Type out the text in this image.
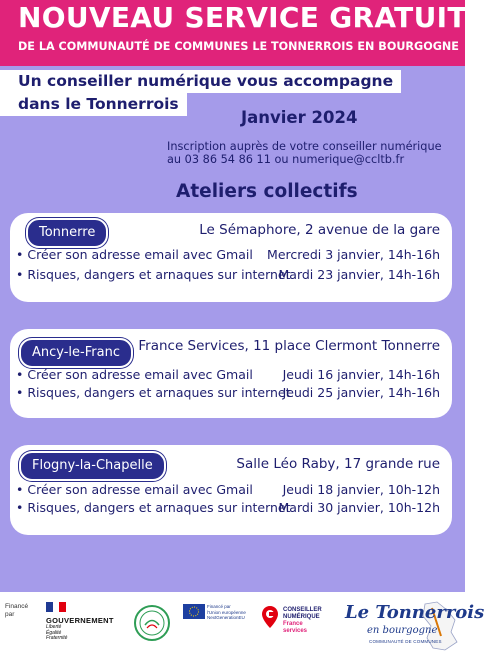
NOUVEAU SERVICE GRATUIT
DE LA COMMUNAUTÉ DE COMMUNES LE TONNERROIS EN BOURGOGNE
Un conseiller numérique vous accompagne
dans le Tonnerrois
Janvier 2024
Inscription auprès de votre conseiller numérique
au 03 86 54 86 11 ou numerique@ccltb.fr
Ateliers collectifs
Tonnerre	Le Sémaphore, 2 avenue de la gare
• Créer son adresse email avec Gmail Mercredi 3 janvier, 14h-16h
• Risques, dangers et arnaques sur internet
Mardi 23 janvier, 14h-16h
Ancy-le-Franc	France Services, 11 place Clermont Tonnerre
• Créer son adresse email avec Gmail Jeudi 16 janvier, 14h-16h
• Risques, dangers et arnaques sur internet
Jeudi 25 janvier, 14h-16h
Flogny-la-Chapelle	Salle Léo Raby, 17 grande rue
• Créer son adresse email avec Gmail Jeudi 18 janvier, 10h-12h
• Risques, dangers et arnaques sur internet
Mardi 30 janvier, 10h-12h
Financé
par
GOUVERNEMENT
Liberté
Égalité
Fraternité
Financé par
l'Union européenne
NextGenerationEU
CONSEILLER
NUMÉRIQUE
France
services
Le Tonnerrois
en bourgogne
COMMUNAUTÉ DE COMMUNES
